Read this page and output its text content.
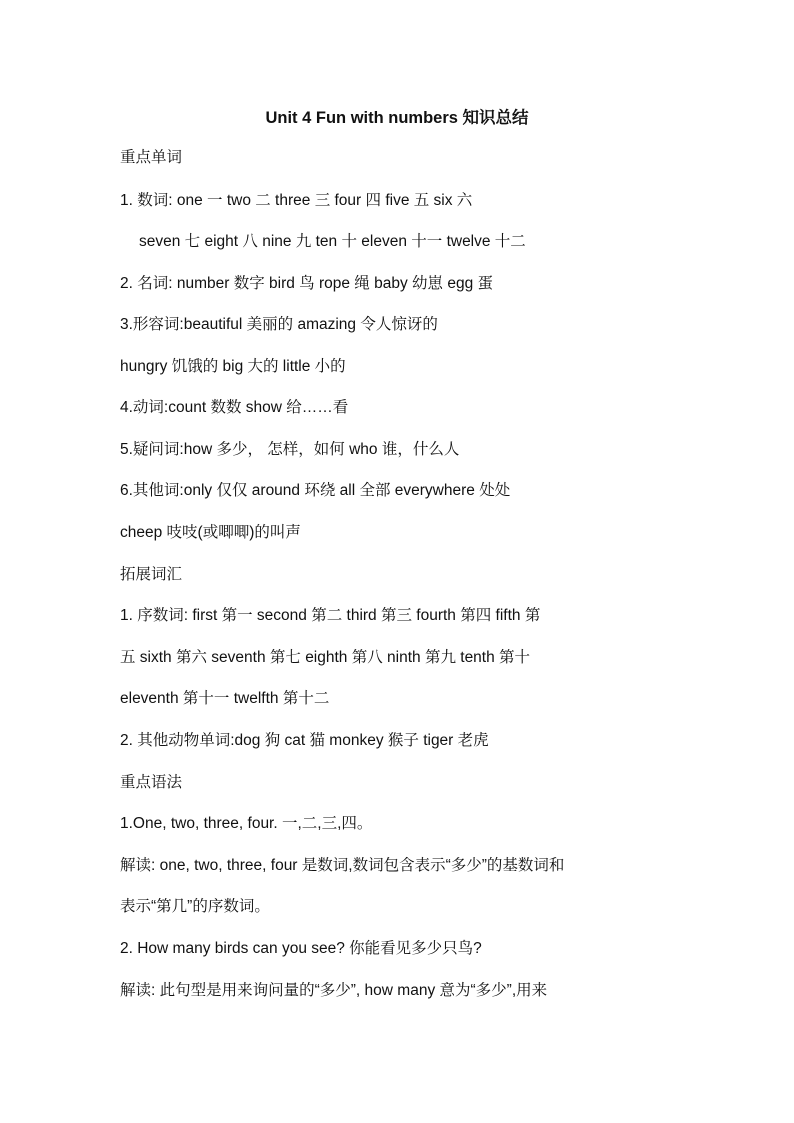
Unit 4 Fun with numbers 知识总结
重点单词
1. 数词: one 一 two 二 three 三 four 四 five 五 six 六
seven 七 eight 八 nine 九 ten 十 eleven 十一 twelve 十二
2. 名词: number 数字 bird 鸟 rope 绳 baby 幼崽 egg 蛋
3.形容词:beautiful 美丽的 amazing 令人惊讶的
hungry 饥饿的 big 大的 little 小的
4.动词:count 数数 show 给……看
5.疑问词:how 多少， 怎样，如何 who 谁，什么人
6.其他词:only 仅仅 around 环绕 all 全部 everywhere 处处
cheep 吱吱(或唧唧)的叫声
拓展词汇
1. 序数词: first 第一 second 第二 third 第三 fourth 第四 fifth 第
五 sixth 第六 seventh 第七 eighth 第八 ninth 第九 tenth 第十
eleventh 第十一 twelfth 第十二
2. 其他动物单词:dog 狗 cat 猫 monkey 猴子 tiger 老虎
重点语法
1.One, two, three, four. 一,二,三,四。
解读: one, two, three, four 是数词,数词包含表示“多少”的基数词和
表示“第几”的序数词。
2. How many birds can you see? 你能看见多少只鸟?
解读: 此句型是用来询问量的“多少”, how many 意为“多少”,用来
